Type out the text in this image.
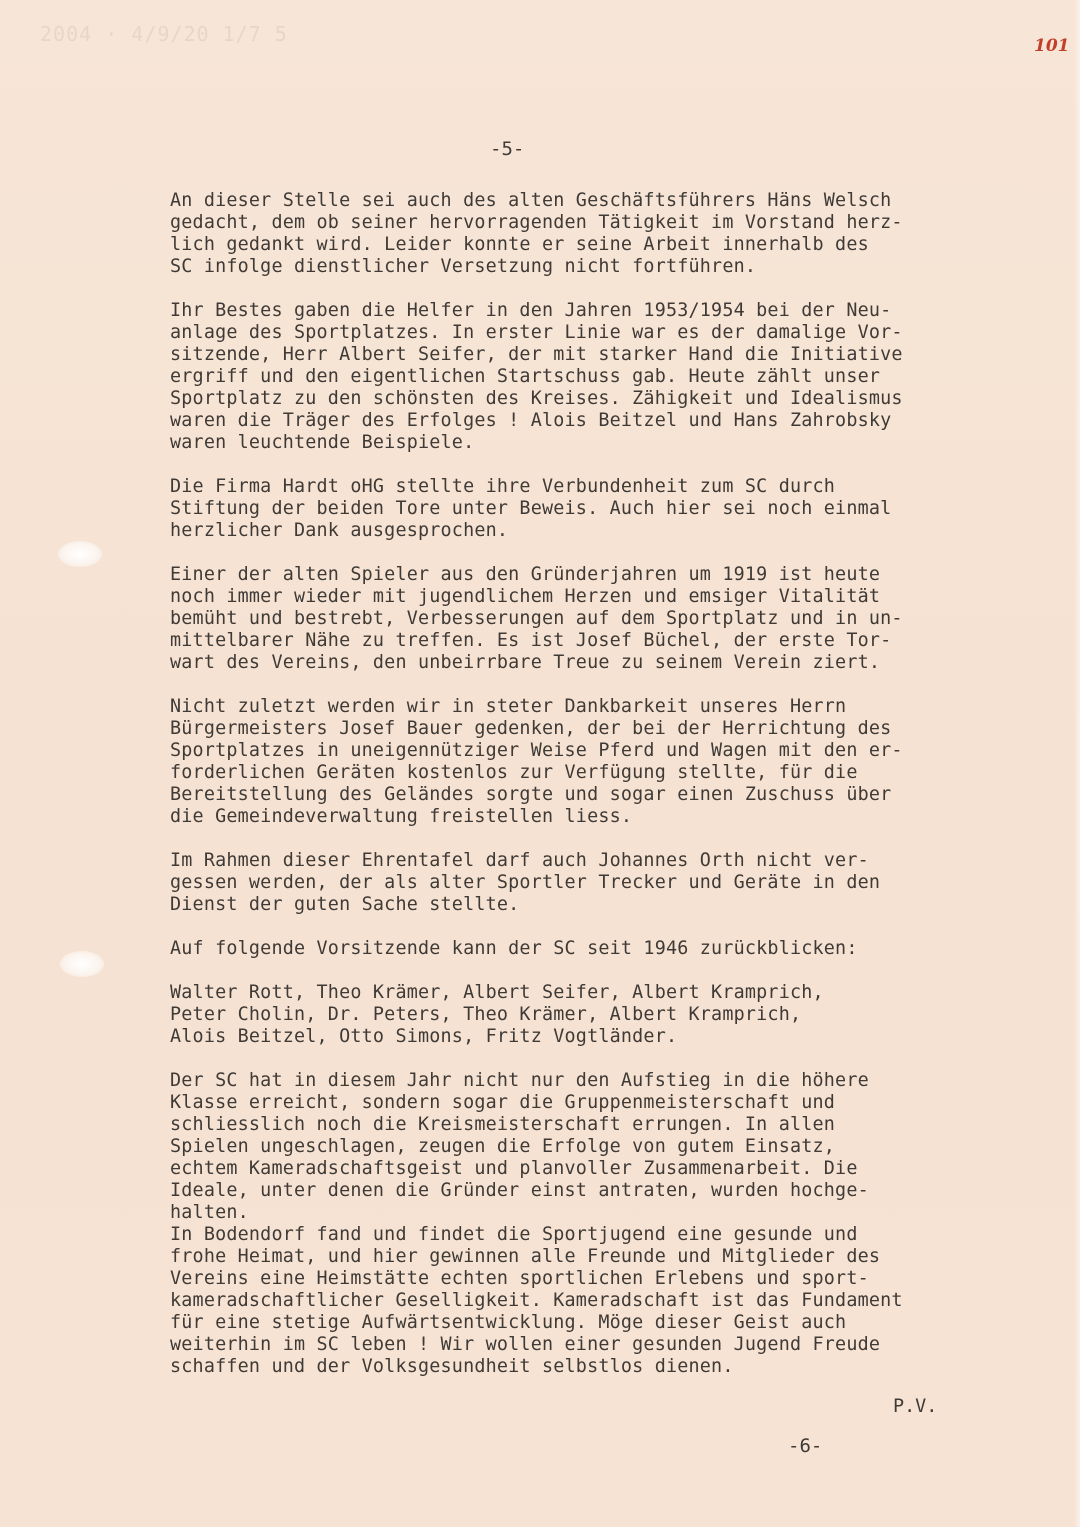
2004 · 4/9/20 1/7 5	101
-5-

An dieser Stelle sei auch des alten Geschäftsführers Häns Welsch
gedacht, dem ob seiner hervorragenden Tätigkeit im Vorstand herz-
lich gedankt wird. Leider konnte er seine Arbeit innerhalb des
SC infolge dienstlicher Versetzung nicht fortführen.

Ihr Bestes gaben die Helfer in den Jahren 1953/1954 bei der Neu-
anlage des Sportplatzes. In erster Linie war es der damalige Vor-
sitzende, Herr Albert Seifer, der mit starker Hand die Initiative
ergriff und den eigentlichen Startschuss gab. Heute zählt unser
Sportplatz zu den schönsten des Kreises. Zähigkeit und Idealismus
waren die Träger des Erfolges ! Alois Beitzel und Hans Zahrobsky
waren leuchtende Beispiele.

Die Firma Hardt oHG stellte ihre Verbundenheit zum SC durch
Stiftung der beiden Tore unter Beweis. Auch hier sei noch einmal
herzlicher Dank ausgesprochen.

Einer der alten Spieler aus den Gründerjahren um 1919 ist heute
noch immer wieder mit jugendlichem Herzen und emsiger Vitalität
bemüht und bestrebt, Verbesserungen auf dem Sportplatz und in un-
mittelbarer Nähe zu treffen. Es ist Josef Büchel, der erste Tor-
wart des Vereins, den unbeirrbare Treue zu seinem Verein ziert.

Nicht zuletzt werden wir in steter Dankbarkeit unseres Herrn
Bürgermeisters Josef Bauer gedenken, der bei der Herrichtung des
Sportplatzes in uneigennütziger Weise Pferd und Wagen mit den er-
forderlichen Geräten kostenlos zur Verfügung stellte, für die
Bereitstellung des Geländes sorgte und sogar einen Zuschuss über
die Gemeindeverwaltung freistellen liess.

Im Rahmen dieser Ehrentafel darf auch Johannes Orth nicht ver-
gessen werden, der als alter Sportler Trecker und Geräte in den
Dienst der guten Sache stellte.

Auf folgende Vorsitzende kann der SC seit 1946 zurückblicken:

Walter Rott, Theo Krämer, Albert Seifer, Albert Kramprich,
Peter Cholin, Dr. Peters, Theo Krämer, Albert Kramprich,
Alois Beitzel, Otto Simons, Fritz Vogtländer.

Der SC hat in diesem Jahr nicht nur den Aufstieg in die höhere
Klasse erreicht, sondern sogar die Gruppenmeisterschaft und
schliesslich noch die Kreismeisterschaft errungen. In allen
Spielen ungeschlagen, zeugen die Erfolge von gutem Einsatz,
echtem Kameradschaftsgeist und planvoller Zusammenarbeit. Die
Ideale, unter denen die Gründer einst antraten, wurden hochge-
halten.

In Bodendorf fand und findet die Sportjugend eine gesunde und
frohe Heimat, und hier gewinnen alle Freunde und Mitglieder des
Vereins eine Heimstätte echten sportlichen Erlebens und sport-
kameradschaftlicher Geselligkeit. Kameradschaft ist das Fundament
für eine stetige Aufwärtsentwicklung. Möge dieser Geist auch
weiterhin im SC leben ! Wir wollen einer gesunden Jugend Freude
schaffen und der Volksgesundheit selbstlos dienen.

P.V.
-6-
